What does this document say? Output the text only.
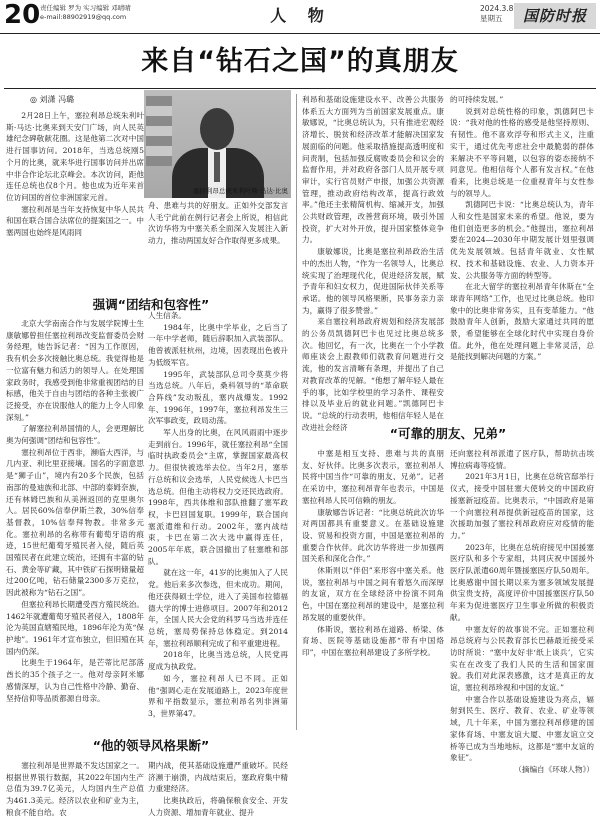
20 责任编辑 罗为 实习编辑 邓晴晴
e-mail:88902919@qq.com	人 物	2024.3.8
星期五	国防时报
来自“钻石之国”的真朋友
◎ 刘潇 冯璐
塞拉利昂总统朱利叶斯·马达·比奥

2月28日上午，塞拉利昂总统朱利叶斯·马达·比奥来到天安门广场，向人民英雄纪念碑敬献花圈。这是他第二次对中国进行国事访问。2018年，当选总统刚5个月的比奥，就来华进行国事访问并出席中非合作论坛北京峰会。本次访问，距他连任总统也仅8个月。他也成为近年来首位访问国的首位非洲国家元首。

塞拉利昂是当年支持恢复中华人民共和国在联合国合法席位的提案国之一。中塞两国也始终是风雨同

舟、患难与共的好朋友。正如外交部发言人毛宁此前在例行记者会上所说，相信此次访华将为中塞关系全面深入发展注入新动力，推动两国友好合作取得更多成果。

强调“团结和包容性”

北京大学南南合作与发展学院博士生康敏娜曾担任塞拉利昂改变监督委员会财务经理，她告诉记者：“因为工作原因，我有机会多次接触比奥总统。我觉得他是一位富有魅力和活力的领导人。在处理国家政务时，我感受到他非常重视团结的目标感，他关于自由与团结的各种主张被广泛接受，亦在说服他人的能力上令人印象深刻。”

了解塞拉利昂国情的人，会更理解比奥为何强调“团结和包容性”。

塞拉利昂位于西非，濒临大西洋，与几内亚、利比里亚接壤。国名的字面意思是“狮子山”，境内有20多个民族，包括南部的曼迪族和北部、中部的泰姆奈族，还有林姆巴族和从美洲返回的克里奥尔人。居民60%信奉伊斯兰教，30%信奉基督教，10%信奉拜物教。非常多元化。塞拉利昂的名称带有葡萄牙语的痕迹，15世纪葡萄牙殖民者入侵，随后英国殖民者在此建立统治，还拥有丰富的钻石、黄金等矿藏，其中铁矿石探明储量超过200亿吨，钻石储量2300多万克拉，因此被称为“钻石之国”。

但塞拉利昂长期遭受西方殖民统治。1462年就遭葡萄牙殖民者侵入，1808年沦为英国直辖殖民地，1896年沦为英“保护地”。1961年才宣布独立，但旧殖在其国内仍深。

比奥生于1964年，是芒蒂比尼部落酋长的35个孩子之一。他对母亲阿米娜感情深厚，认为自己性格中冷静、勤奋、坚持信仰等品质都源自母亲。

人生信条。

1984年，比奥中学毕业，之后当了一年中学老师，随后辞职加入武装部队。他曾被派驻杭州，边境，因表现出色被升为低级军官。

1995年，武装部队总司令莫莫少将当选总统。八年后，桑科领导的“革命联合阵线”发动叛乱，塞内战爆发。1992年、1996年，1997年，塞拉利昂发生三次军事政变，政局动荡。

军人出身的比奥，在风风雨雨中逐步走到前台。1996年，就任塞拉利昂“全国临时执政委员会“主席，掌握国家最高权力。但很快被选举去位。当年2月，塞举行总统和议会选举，人民党候选人卡巴当选总统。但他主动将权力交还民选政府。1998年，西共体维和部队推翻了塞军政权，卡巴回国复职。1999年，联合国向塞派遣维和行动。2002年，塞内战结束，卡巴在第二次大选中赢得连任，2005年年底，联合国撤出了驻塞维和部队。

就在这一年，41岁的比奥加入了人民党。他后来多次参选，但未成功。期间，他还获得硕士学位，进入了美国布拉德福德大学的博士进修项目。2007年和2012年，全国人民大会党的科罗马当选并连任总统，塞局势保持总体稳定。到2014年，塞拉利昂顺利完成了和平重建进程。

2018年，比奥当选总统，人民党再度成为执政党。

如今，塞拉利昂人已不同。正如他“强调心走在发展道路上，2023年度世界和平指数显示，塞拉利昂名列非洲第3，世界第47。

利昂和基础设施建设水平、改善公共服务体系五大方面列为当前国家发展重点。康敏娜说，“比奥总统认为，只有推进宏观经济增长、脱贫和经济改革才能解决国家发展面临的问题。他采取措施提高透明度和问责制，包括加强反腐败委员会和议会的监督作用，并对政府各部门人员开展专项审计，实行官员财产申报，加强公共资源管理，推动政府结构改革，提高行政效率。”他还主张精简机构、缩减开支，加强公共财政管理，改善营商环境，吸引外国投资，扩大对外开放，提升国家整体竞争力。

康敏娜说，比奥是塞拉利昂政治生活中的杰出人物，“作为一名领导人，比奥总统实现了治理现代化，促进经济发展，赋予青年和妇女权力，促进国际伙伴关系等承诺。他的领导风格果断，民事务亲力亲为，赢得了很多赞誉。”

来自塞拉利昂政府规划和经济发展部的公务员凯德阿巴卡也见过比奥总统多次。他回忆，有一次，比奥在一个小学教师座谈会上跟教师们就教育问题进行交流，他的发言清晰有条理，并提出了自己对教育改革的见解。“他想了解年轻人最在乎的事，比如学校里的学习条件、课程安排以及毕业后的就业问题。”凯德阿巴卡说。“总统的行动表明，他相信年轻人是在改进社会经济

的可持续发展。”

说到对总统性格的印象，凯德阿巴卡说：“我对他的性格的感受是他坚持原则、有韧性。他不喜欢浮夸和形式主义，注重实干，通过优先考虑社会中最脆弱的群体来解决不平等问题，以包容的姿态接纳不同意见。他相信每个人都有发言权。”在他看来，比奥总统是一位重视青年与女性参与的领导人。

凯德阿巴卡说：“比奥总统认为，青年人和女性是国家未来的希望。他说，要为他们创造更多的机会。”他提出，塞拉利昂要在2024—2030年中期发展计划里强调优先发展领域。包括青年就业、女性赋权、技术和基础设施、农业、人力资本开发、公共服务等方面的转型等。

在北大留学的塞拉利昂青年休斯在“全球青年网络”工作，也见过比奥总统。他印象中的比奥非常务实，且有变革能力。“他鼓励青年人创新，鼓励大家通过共同的愿景，希望能够在全球化时代中实现自身价值。此外，他在处理问题上非常灵活，总是能找到解决问题的方案。”

“可靠的朋友、兄弟”

中塞是相互支持、患难与共的真朋友、好伙伴。比奥多次表示，塞拉利昂人民将中国当作“可靠的朋友、兄弟”。记者在采访中，塞拉利昂青年也表示，中国是塞拉利昂人民可信赖的朋友。

康敏娜告诉记者：“比奥总统此次访华对两国都具有重要意义。在基础设施建设、贸易和投资方面，中国是塞拉利昂的重要合作伙伴。此次访华将进一步加强两国关系和深化合作。”

休斯则以“伴侣”来形容中塞关系。他说，塞拉利昂与中国之间有着悠久而深厚的友谊，双方在全球经济中扮演不同角色，中国在塞拉利昂的建设中，是塞拉利昂发展的重要伙伴。

体斯说，塞拉利昂在道路、桥梁、体育场、医院等基础设施都“带有中国烙印”，中国在塞拉利昂建设了多所学校。

还向塞拉利昂派遣了医疗队，帮助抗击埃博拉病毒等疫情。

2021年3月1日，比奥在总统官邸举行仪式，接受中国驻塞大使转交的中国政府援塞新冠疫苗。比奥表示，“中国政府是第一个向塞拉利昂提供新冠疫苗的国家，这次援助加强了塞拉利昂政府应对疫情的能力。”

2023年，比奥在总统府接见中国援塞医疗队和多个专家组，共同庆祝中国援外医疗队派遣60周年暨援塞医疗队50周年。比奥感谢中国长期以来为塞多领域发展提供宝贵支持，高度评价中国援塞医疗队50年来为促进塞医疗卫生事业所做的积极贡献。

中塞友好的故事说不完。正如塞拉利昂总统府与公民教育部长巴赫最近接受采访时所说：“塞中友好非‘纸上谈兵’，它实实在在改变了我们人民的生活和国家面貌。我们对此深表感激，这才是真正的友谊，塞拉利昂珍视和中国的友谊。”

中塞合作以基础设施建设为亮点，辐射到民生、医疗、教育、农业、矿业等领域，几十年来，中国为塞拉利昂修建的国家体育场、中塞友谊大厦、中塞友谊立交桥等已成为当地地标，这都是“塞中友谊的象征”。

（摘编自《环球人物》）

“他的领导风格果断”

塞拉利昂是世界最不发达国家之一。根据世界银行数据，其2022年国内生产总值为39.7亿美元，人均国内生产总值为461.3美元。经济以农业和矿业为主，粮食不能自给。农

期内战，使其基础设施遭严重破坏。民经济濒于崩溃，内战结束后，塞政府集中精力重建经济。

比奥执政后，将确保粮食安全、开发人力资源、增加青年就业、提升
